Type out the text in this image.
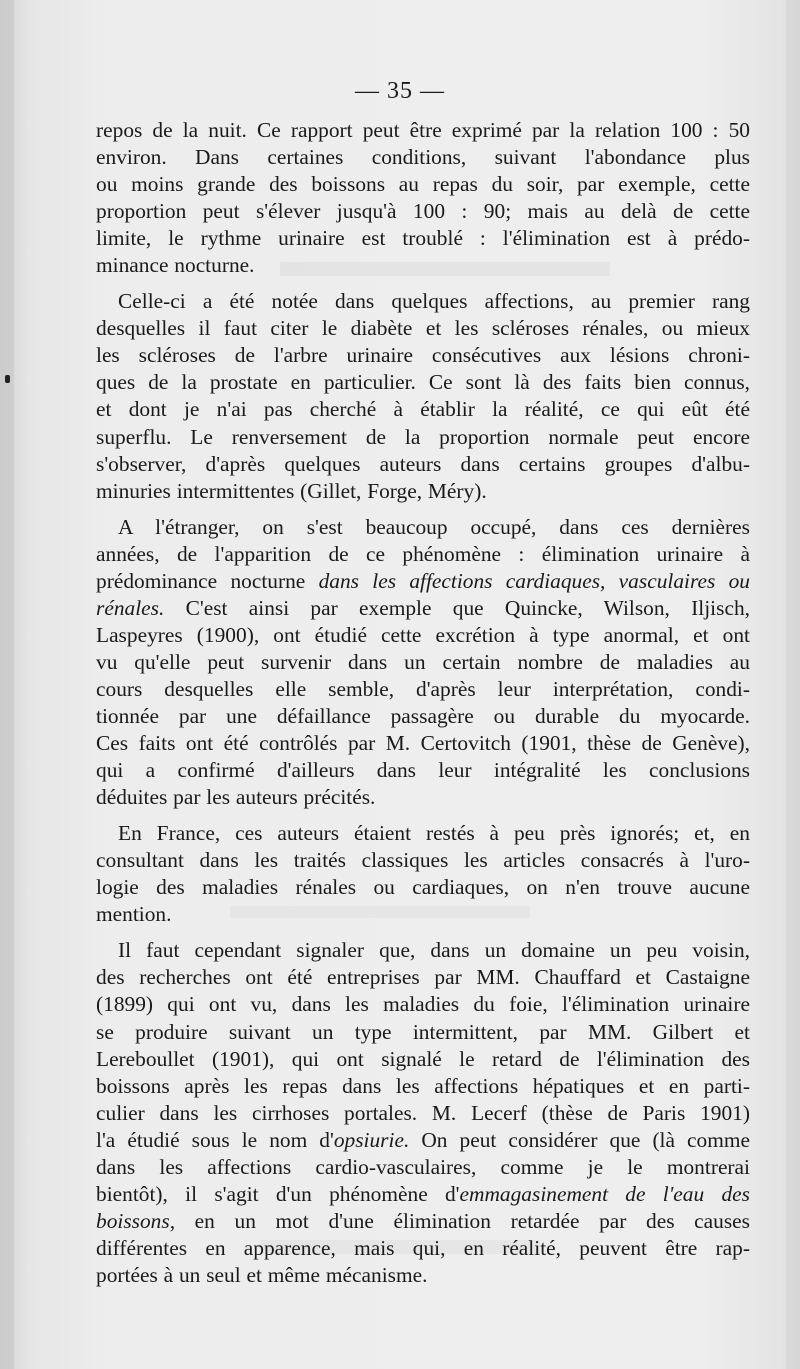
— 35 —
repos de la nuit. Ce rapport peut être exprimé par la relation 100 : 50
environ. Dans certaines conditions, suivant l'abondance plus
ou moins grande des boissons au repas du soir, par exemple, cette
proportion peut s'élever jusqu'à 100 : 90; mais au delà de cette
limite, le rythme urinaire est troublé : l'élimination est à prédo-
minance nocturne.
Celle-ci a été notée dans quelques affections, au premier rang
desquelles il faut citer le diabète et les scléroses rénales, ou mieux
les scléroses de l'arbre urinaire consécutives aux lésions chroni-
ques de la prostate en particulier. Ce sont là des faits bien connus,
et dont je n'ai pas cherché à établir la réalité, ce qui eût été
superflu. Le renversement de la proportion normale peut encore
s'observer, d'après quelques auteurs dans certains groupes d'albu-
minuries intermittentes (Gillet, Forge, Méry).
A l'étranger, on s'est beaucoup occupé, dans ces dernières
années, de l'apparition de ce phénomène : élimination urinaire à
prédominance nocturne dans les affections cardiaques, vasculaires ou
rénales. C'est ainsi par exemple que Quincke, Wilson, Iljisch,
Laspeyres (1900), ont étudié cette excrétion à type anormal, et ont
vu qu'elle peut survenir dans un certain nombre de maladies au
cours desquelles elle semble, d'après leur interprétation, condi-
tionnée par une défaillance passagère ou durable du myocarde.
Ces faits ont été contrôlés par M. Certovitch (1901, thèse de Genève),
qui a confirmé d'ailleurs dans leur intégralité les conclusions
déduites par les auteurs précités.
En France, ces auteurs étaient restés à peu près ignorés; et, en
consultant dans les traités classiques les articles consacrés à l'uro-
logie des maladies rénales ou cardiaques, on n'en trouve aucune
mention.
Il faut cependant signaler que, dans un domaine un peu voisin,
des recherches ont été entreprises par MM. Chauffard et Castaigne
(1899) qui ont vu, dans les maladies du foie, l'élimination urinaire
se produire suivant un type intermittent, par MM. Gilbert et
Lereboullet (1901), qui ont signalé le retard de l'élimination des
boissons après les repas dans les affections hépatiques et en parti-
culier dans les cirrhoses portales. M. Lecerf (thèse de Paris 1901)
l'a étudié sous le nom d'opsiurie. On peut considérer que (là comme
dans les affections cardio-vasculaires, comme je le montrerai
bientôt), il s'agit d'un phénomène d'emmagasinement de l'eau des
boissons, en un mot d'une élimination retardée par des causes
différentes en apparence, mais qui, en réalité, peuvent être rap-
portées à un seul et même mécanisme.
